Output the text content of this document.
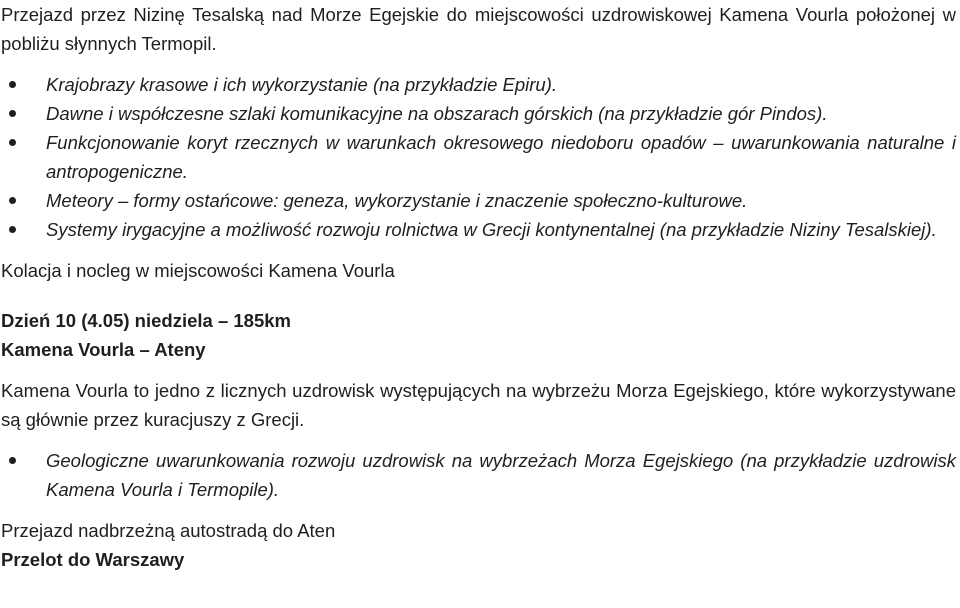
Przejazd przez Nizinę Tesalską nad Morze Egejskie do miejscowości uzdrowiskowej Kamena Vourla położonej w pobliżu słynnych Termopil.

Krajobrazy krasowe i ich wykorzystanie (na przykładzie Epiru).
Dawne i współczesne szlaki komunikacyjne na obszarach górskich (na przykładzie gór Pindos).
Funkcjonowanie koryt rzecznych w warunkach okresowego niedoboru opadów – uwarunkowania naturalne i antropogeniczne.
Meteory – formy ostańcowe: geneza, wykorzystanie i znaczenie społeczno-kulturowe.
Systemy irygacyjne a możliwość rozwoju rolnictwa w Grecji kontynentalnej (na przykładzie Niziny Tesalskiej).

Kolacja i nocleg w miejscowości Kamena Vourla

Dzień 10 (4.05) niedziela – 185km

Kamena Vourla – Ateny

Kamena Vourla to jedno z licznych uzdrowisk występujących na wybrzeżu Morza Egejskiego, które wykorzystywane są głównie przez kuracjuszy z Grecji.

Geologiczne uwarunkowania rozwoju uzdrowisk na wybrzeżach Morza Egejskiego (na przykładzie uzdrowisk Kamena Vourla i Termopile).

Przejazd nadbrzeżną autostradą do Aten

Przelot do Warszawy
